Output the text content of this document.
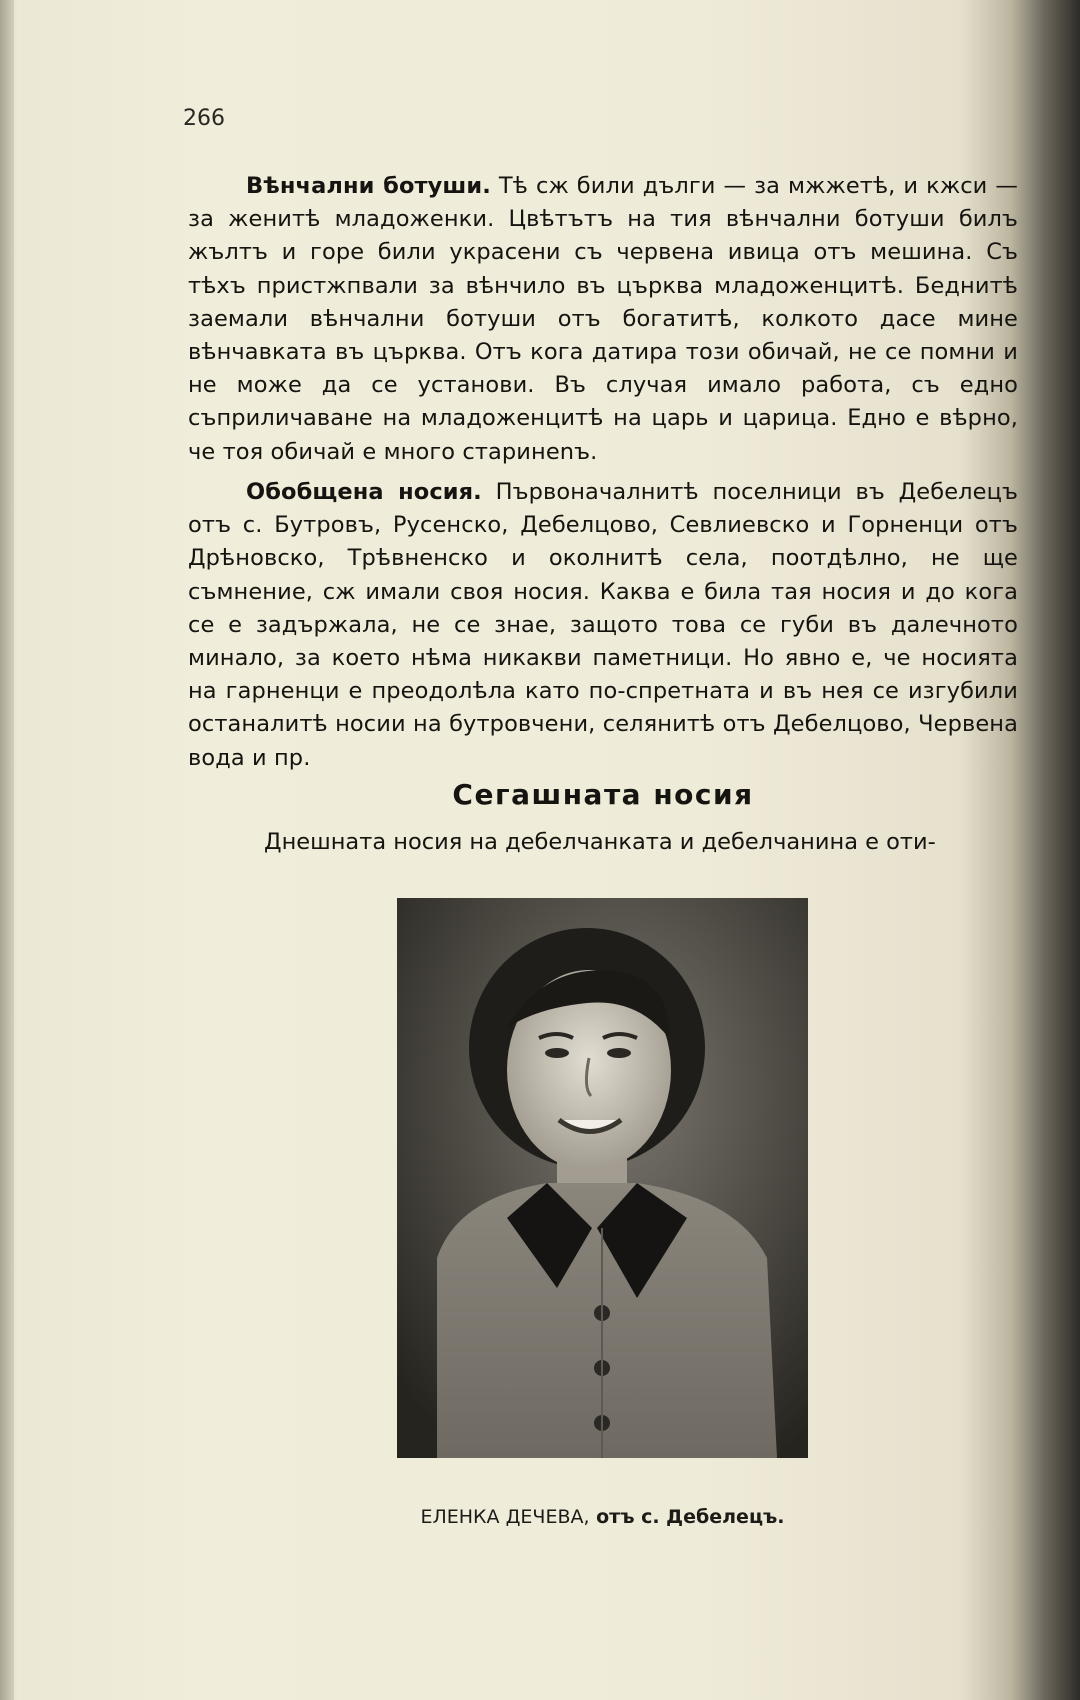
266
Вѣнчални ботуши. Тѣ сж били дълги — за мжжетѣ, и кжси — за женитѣ младоженки. Цвѣтътъ на тия вѣнчални ботуши билъ жълтъ и горе били украсени съ червена ивица отъ мешина. Съ тѣхъ пристжпвали за вѣнчило въ църква младоженцитѣ. Беднитѣ заемали вѣнчални ботуши отъ богатитѣ, колкото дасе мине вѣнчавката въ църква. Отъ кога датира този обичай, не се помни и не може да се установи. Въ случая имало работа, съ едно съприличаване на младоженцитѣ на царь и царица. Едно е вѣрно, че тоя обичай е много старинenъ.
Обобщена носия. Първоначалнитѣ поселници въ Дебелецъ отъ с. Бутровъ, Русенско, Дебелцово, Севлиевско и Горненци отъ Дрѣновско, Трѣвненско и околнитѣ села, поотдѣлно, не ще съмнение, сж имали своя носия. Каква е била тая носия и до кога се е задържала, не се знае, защото това се губи въ далечното минало, за което нѣма никакви паметници. Но явно е, че носията на гарненци е преодолѣла като по-спретната и въ нея се изгубили останалитѣ носии на бутровчени, селянитѣ отъ Дебелцово, Червена вода и пр.
Сегашната носия
Днешната носия на дебелчанката и дебелчанина е оти-
ЕЛЕНКА ДЕЧЕВА, отъ с. Дебелецъ.
